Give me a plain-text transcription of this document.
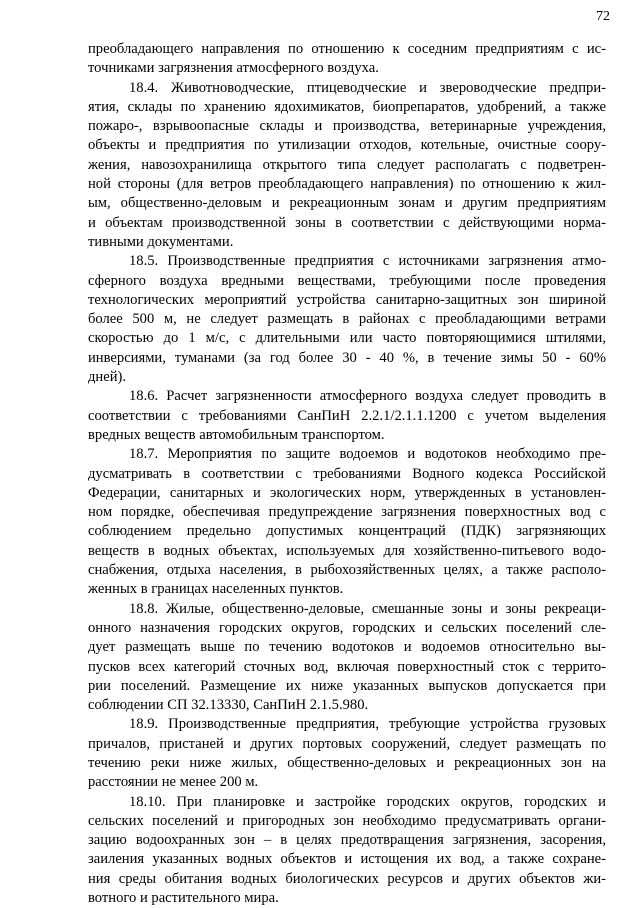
72
преобладающего направления по отношению к соседним предприятиям с ис-
точниками загрязнения атмосферного воздуха.
18.4. Животноводческие, птицеводческие и звероводческие предпри-
ятия, склады по хранению ядохимикатов, биопрепаратов, удобрений, а также
пожаро-, взрывоопасные склады и производства, ветеринарные учреждения,
объекты и предприятия по утилизации отходов, котельные, очистные соору-
жения, навозохранилища открытого типа следует располагать с подветрен-
ной стороны (для ветров преобладающего направления) по отношению к жил-
ым, общественно-деловым и рекреационным зонам и другим предприятиям
и объектам производственной зоны в соответствии с действующими норма-
тивными документами.
18.5. Производственные предприятия с источниками загрязнения атмо-
сферного воздуха вредными веществами, требующими после проведения
технологических мероприятий устройства санитарно-защитных зон шириной
более 500 м, не следует размещать в районах с преобладающими ветрами
скоростью до 1 м/с, с длительными или часто повторяющимися штилями,
инверсиями, туманами (за год более 30 - 40 %, в течение зимы 50 - 60%
дней).
18.6. Расчет загрязненности атмосферного воздуха следует проводить в
соответствии с требованиями СанПиН 2.2.1/2.1.1.1200 с учетом выделения
вредных веществ автомобильным транспортом.
18.7. Мероприятия по защите водоемов и водотоков необходимо пре-
дусматривать в соответствии с требованиями Водного кодекса Российской
Федерации, санитарных и экологических норм, утвержденных в установлен-
ном порядке, обеспечивая предупреждение загрязнения поверхностных вод с
соблюдением предельно допустимых концентраций (ПДК) загрязняющих
веществ в водных объектах, используемых для хозяйственно-питьевого водо-
снабжения, отдыха населения, в рыбохозяйственных целях, а также располо-
женных в границах населенных пунктов.
18.8. Жилые, общественно-деловые, смешанные зоны и зоны рекреаци-
онного назначения городских округов, городских и сельских поселений сле-
дует размещать выше по течению водотоков и водоемов относительно вы-
пусков всех категорий сточных вод, включая поверхностный сток с террито-
рии поселений. Размещение их ниже указанных выпусков допускается при
соблюдении СП 32.13330, СанПиН 2.1.5.980.
18.9. Производственные предприятия, требующие устройства грузовых
причалов, пристаней и других портовых сооружений, следует размещать по
течению реки ниже жилых, общественно-деловых и рекреационных зон на
расстоянии не менее 200 м.
18.10. При планировке и застройке городских округов, городских и
сельских поселений и пригородных зон необходимо предусматривать органи-
зацию водоохранных зон – в целях предотвращения загрязнения, засорения,
заиления указанных водных объектов и истощения их вод, а также сохране-
ния среды обитания водных биологических ресурсов и других объектов жи-
вотного и растительного мира.
